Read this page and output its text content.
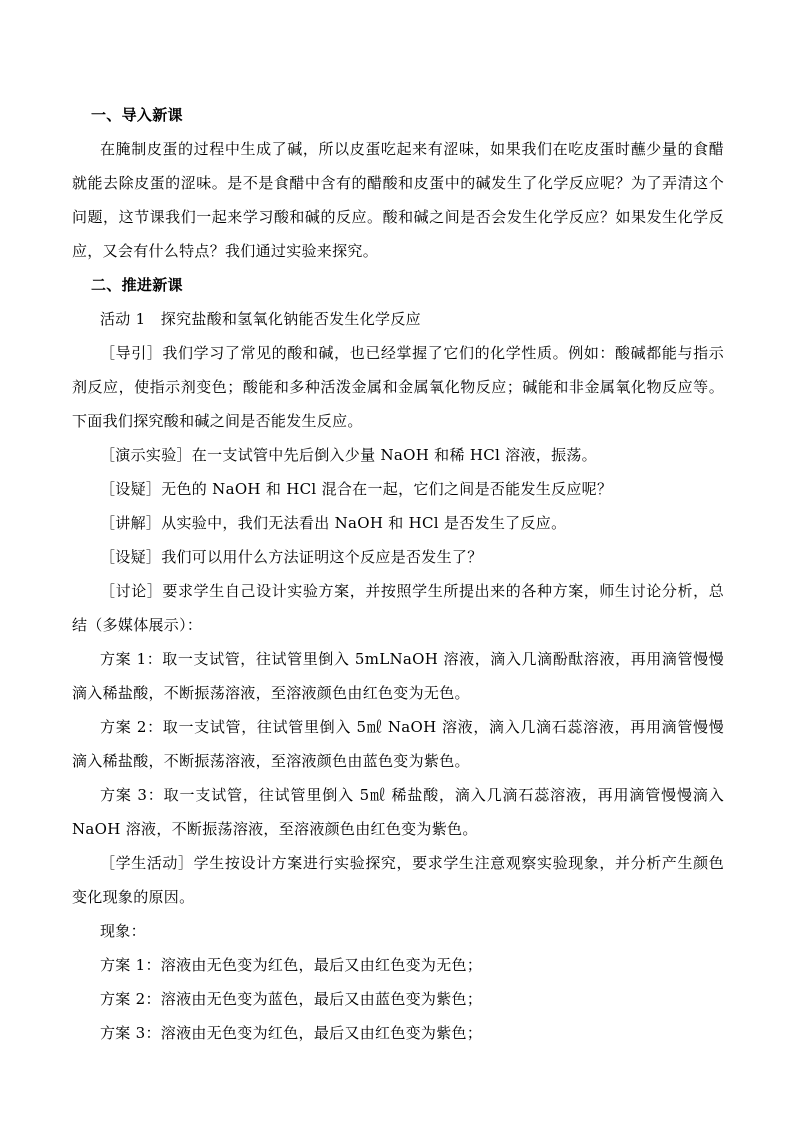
一、导入新课

在腌制皮蛋的过程中生成了碱，所以皮蛋吃起来有涩味，如果我们在吃皮蛋时蘸少量的食醋就能去除皮蛋的涩味。是不是食醋中含有的醋酸和皮蛋中的碱发生了化学反应呢？为了弄清这个问题，这节课我们一起来学习酸和碱的反应。酸和碱之间是否会发生化学反应？如果发生化学反应，又会有什么特点？我们通过实验来探究。

二、推进新课

活动 1　探究盐酸和氢氧化钠能否发生化学反应

［导引］我们学习了常见的酸和碱，也已经掌握了它们的化学性质。例如：酸碱都能与指示剂反应，使指示剂变色；酸能和多种活泼金属和金属氧化物反应；碱能和非金属氧化物反应等。下面我们探究酸和碱之间是否能发生反应。

［演示实验］在一支试管中先后倒入少量 NaOH 和稀 HCl 溶液，振荡。

［设疑］无色的 NaOH 和 HCl 混合在一起，它们之间是否能发生反应呢？

［讲解］从实验中，我们无法看出 NaOH 和 HCl 是否发生了反应。

［设疑］我们可以用什么方法证明这个反应是否发生了？

［讨论］要求学生自己设计实验方案，并按照学生所提出来的各种方案，师生讨论分析，总结（多媒体展示）：

方案 1：取一支试管，往试管里倒入 5mLNaOH 溶液，滴入几滴酚酞溶液，再用滴管慢慢滴入稀盐酸，不断振荡溶液，至溶液颜色由红色变为无色。

方案 2：取一支试管，往试管里倒入 5㎖ NaOH 溶液，滴入几滴石蕊溶液，再用滴管慢慢滴入稀盐酸，不断振荡溶液，至溶液颜色由蓝色变为紫色。

方案 3：取一支试管，往试管里倒入 5㎖ 稀盐酸，滴入几滴石蕊溶液，再用滴管慢慢滴入 NaOH 溶液，不断振荡溶液，至溶液颜色由红色变为紫色。

［学生活动］学生按设计方案进行实验探究，要求学生注意观察实验现象，并分析产生颜色变化现象的原因。

现象：

方案 1：溶液由无色变为红色，最后又由红色变为无色；

方案 2：溶液由无色变为蓝色，最后又由蓝色变为紫色；

方案 3：溶液由无色变为红色，最后又由红色变为紫色；
